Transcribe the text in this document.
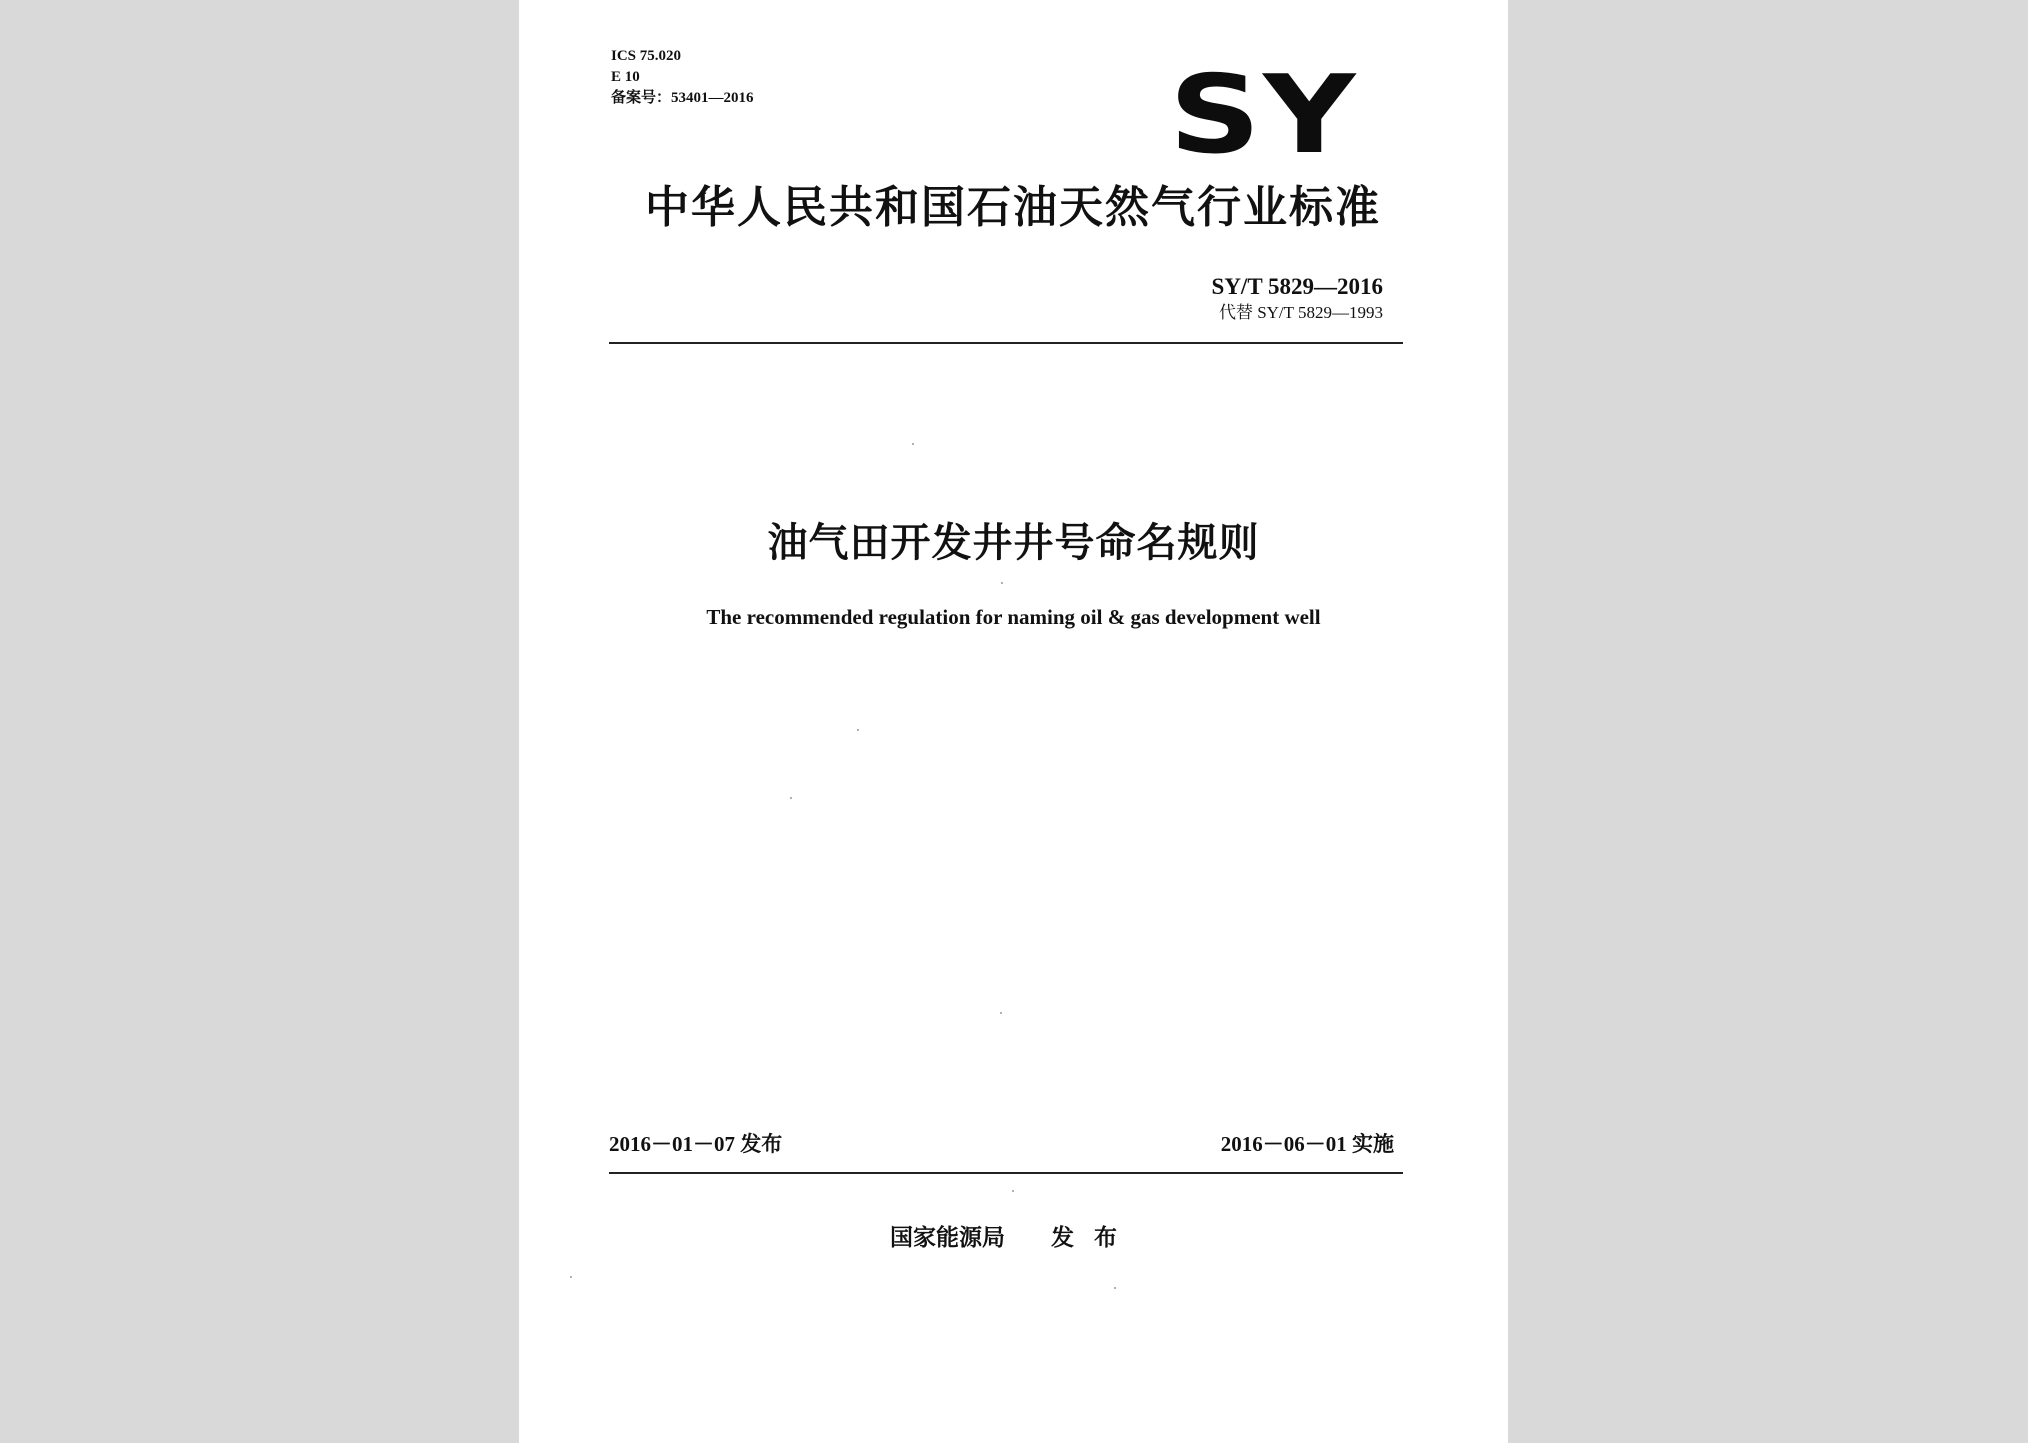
ICS 75.020
E 10
备案号：53401—2016	SY
中华人民共和国石油天然气行业标准
SY/T 5829—2016
代替 SY/T 5829—1993
油气田开发井井号命名规则
The recommended regulation for naming oil & gas development well
2016－01－07 发布	2016－06－01 实施
国家能源局 发布
